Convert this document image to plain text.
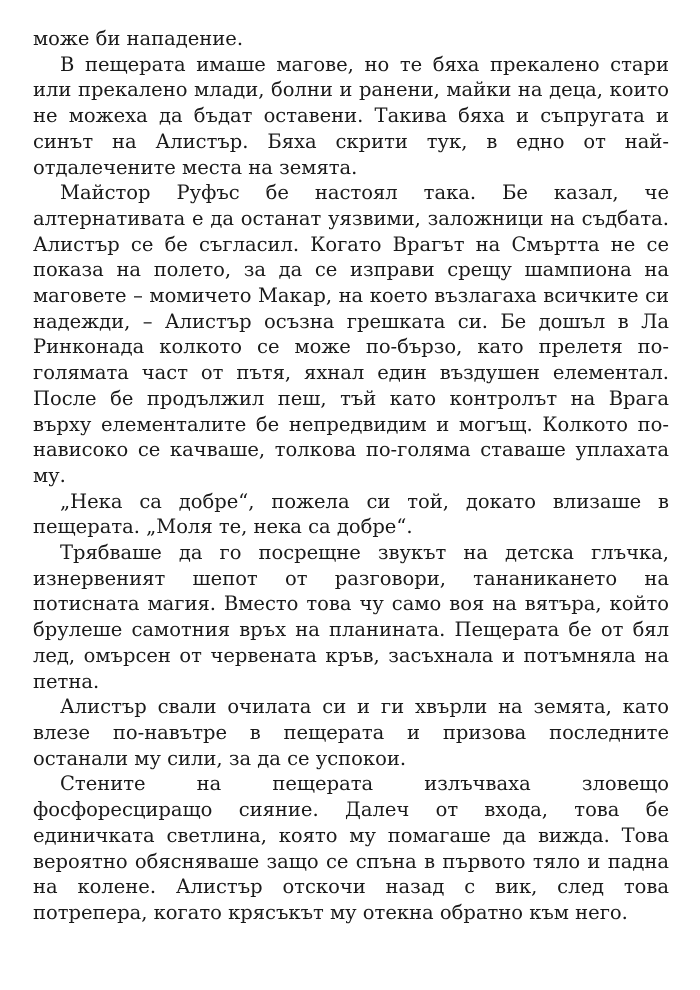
може би нападение.

В пещерата имаше магове, но те бяха прекалено стари или прекалено млади, болни и ранени, майки на деца, които не можеха да бъдат оставени. Такива бяха и съпругата и синът на Алистър. Бяха скрити тук, в едно от най-отдалечените места на земята.

Майстор Руфъс бе настоял така. Бе казал, че алтернативата е да останат уязвими, заложници на съдбата. Алистър се бе съгласил. Когато Врагът на Смъртта не се показа на полето, за да се изправи срещу шампиона на маговете – момичето Макар, на което възлагаха всичките си надежди, – Алистър осъзна грешката си. Бе дошъл в Ла Ринконада колкото се може по-бързо, като прелетя по-голямата част от пътя, яхнал един въздушен елементал. После бе продължил пеш, тъй като контролът на Врага върху елементалите бе непредвидим и могъщ. Колкото по-нависоко се качваше, толкова по-голяма ставаше уплахата му.

„Нека са добре“, пожела си той, докато влизаше в пещерата. „Моля те, нека са добре“.

Трябваше да го посрещне звукът на детска глъчка, изнервеният шепот от разговори, тананикането на потисната магия. Вместо това чу само воя на вятъра, който брулеше самотния връх на планината. Пещерата бе от бял лед, омърсен от червената кръв, засъхнала и потъмняла на петна.

Алистър свали очилата си и ги хвърли на земята, като влезе по-навътре в пещерата и призова последните останали му сили, за да се успокои.

Стените на пещерата излъчваха зловещо фосфоресциращо сияние. Далеч от входа, това бе единичката светлина, която му помагаше да вижда. Това вероятно обясняваше защо се спъна в първото тяло и падна на колене. Алистър отскочи назад с вик, след това потрепера, когато крясъкът му отекна обратно към него.
